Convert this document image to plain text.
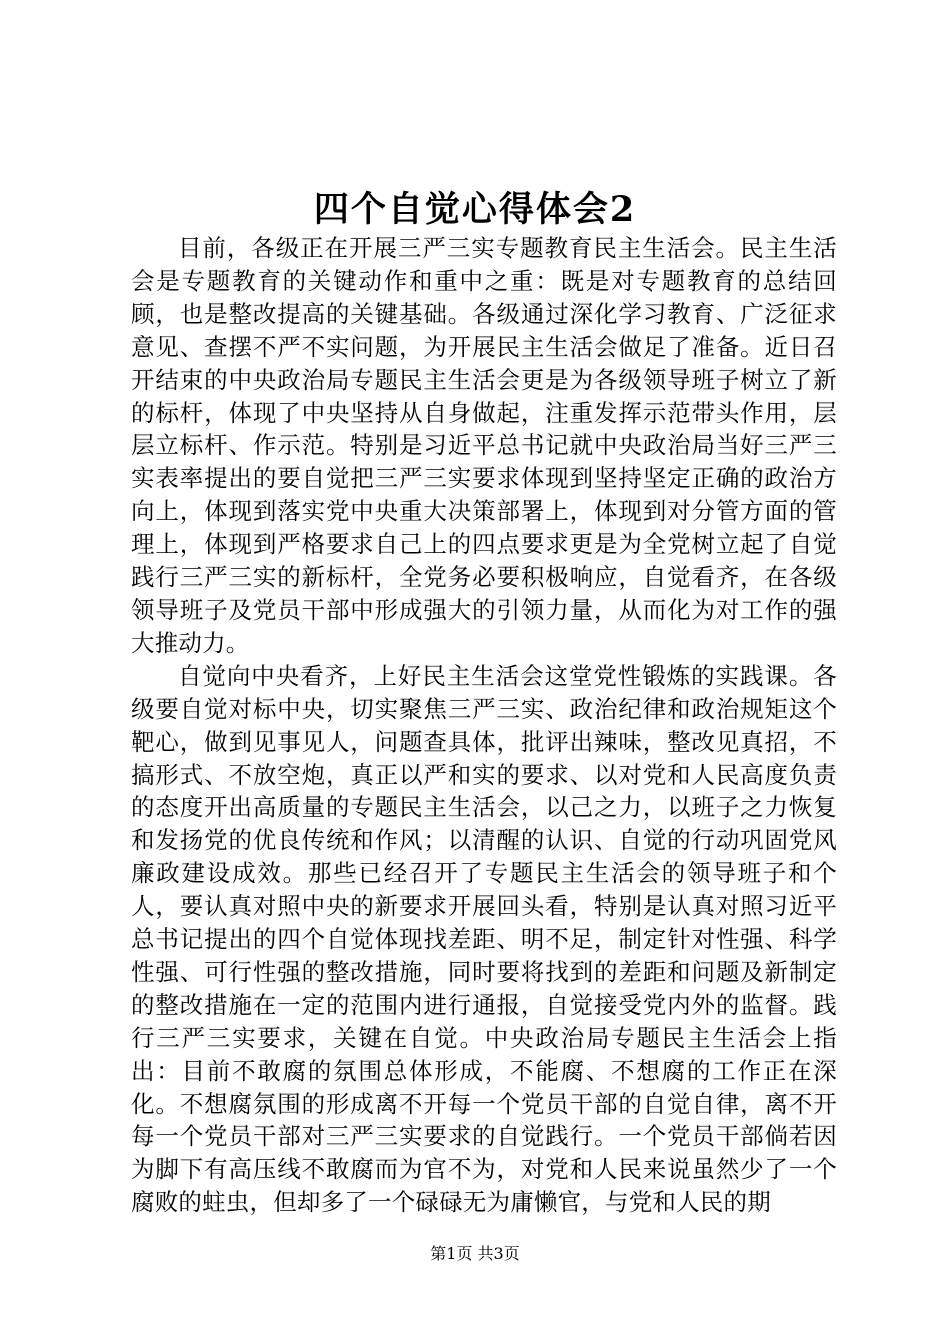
四个自觉心得体会2

目前，各级正在开展三严三实专题教育民主生活会。民主生活会是专题教育的关键动作和重中之重：既是对专题教育的总结回顾，也是整改提高的关键基础。各级通过深化学习教育、广泛征求意见、查摆不严不实问题，为开展民主生活会做足了准备。近日召开结束的中央政治局专题民主生活会更是为各级领导班子树立了新的标杆，体现了中央坚持从自身做起，注重发挥示范带头作用，层层立标杆、作示范。特别是习近平总书记就中央政治局当好三严三实表率提出的要自觉把三严三实要求体现到坚持坚定正确的政治方向上，体现到落实党中央重大决策部署上，体现到对分管方面的管理上，体现到严格要求自己上的四点要求更是为全党树立起了自觉践行三严三实的新标杆，全党务必要积极响应，自觉看齐，在各级领导班子及党员干部中形成强大的引领力量，从而化为对工作的强大推动力。

自觉向中央看齐，上好民主生活会这堂党性锻炼的实践课。各级要自觉对标中央，切实聚焦三严三实、政治纪律和政治规矩这个靶心，做到见事见人，问题查具体，批评出辣味，整改见真招，不搞形式、不放空炮，真正以严和实的要求、以对党和人民高度负责的态度开出高质量的专题民主生活会，以己之力，以班子之力恢复和发扬党的优良传统和作风；以清醒的认识、自觉的行动巩固党风廉政建设成效。那些已经召开了专题民主生活会的领导班子和个人，要认真对照中央的新要求开展回头看，特别是认真对照习近平总书记提出的四个自觉体现找差距、明不足，制定针对性强、科学性强、可行性强的整改措施，同时要将找到的差距和问题及新制定的整改措施在一定的范围内进行通报，自觉接受党内外的监督。践行三严三实要求，关键在自觉。中央政治局专题民主生活会上指出：目前不敢腐的氛围总体形成，不能腐、不想腐的工作正在深化。不想腐氛围的形成离不开每一个党员干部的自觉自律，离不开每一个党员干部对三严三实要求的自觉践行。一个党员干部倘若因为脚下有高压线不敢腐而为官不为，对党和人民来说虽然少了一个腐败的蛀虫，但却多了一个碌碌无为庸懒官，与党和人民的期

第1页 共3页
